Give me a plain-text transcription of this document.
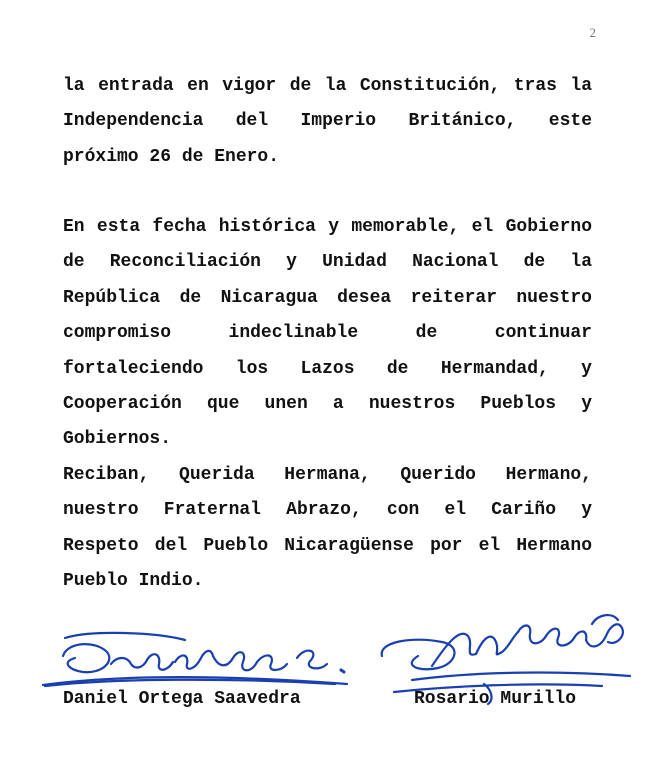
2

la entrada en vigor de la Constitución, tras la Independencia del Imperio Británico, este próximo 26 de Enero.

En esta fecha histórica y memorable, el Gobierno de Reconciliación y Unidad Nacional de la República de Nicaragua desea reiterar nuestro compromiso indeclinable de continuar fortaleciendo los Lazos de Hermandad, y Cooperación que unen a nuestros Pueblos y Gobiernos.

Reciban, Querida Hermana, Querido Hermano, nuestro Fraternal Abrazo, con el Cariño y Respeto del Pueblo Nicaragüense por el Hermano Pueblo Indio.

Daniel Ortega Saavedra	Rosario Murillo
